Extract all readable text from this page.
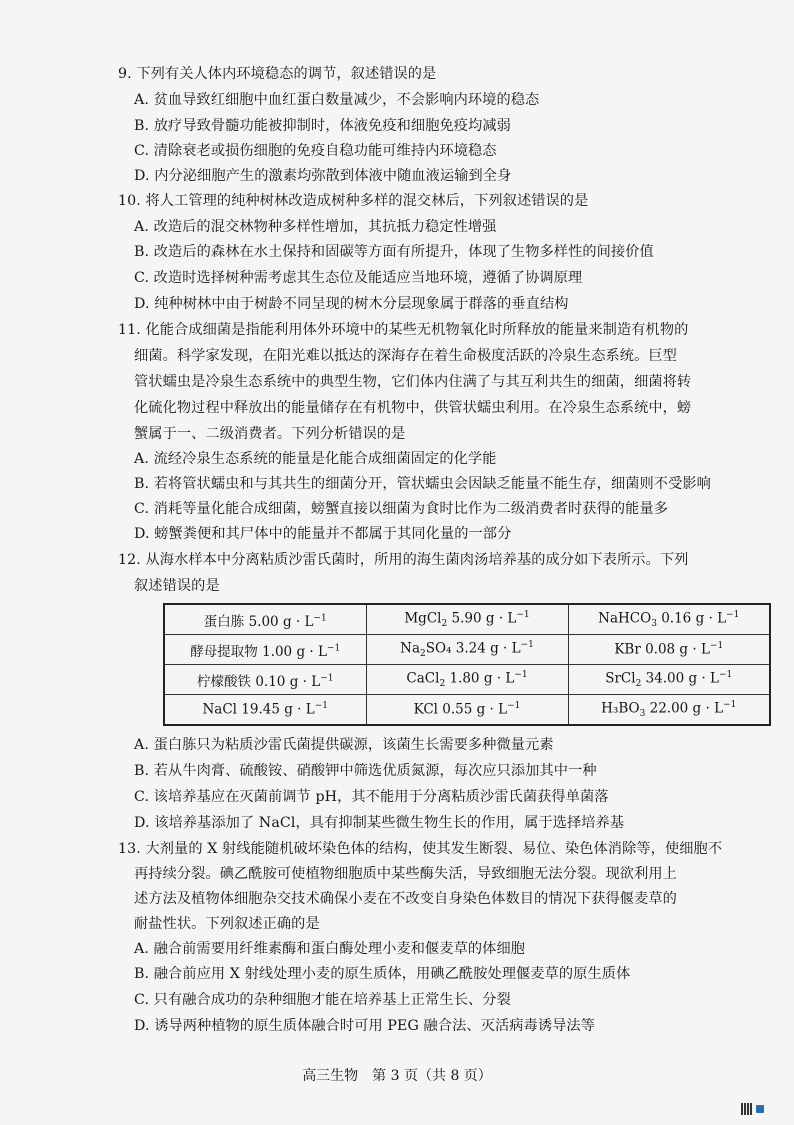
9. 下列有关人体内环境稳态的调节，叙述错误的是
A. 贫血导致红细胞中血红蛋白数量减少，不会影响内环境的稳态
B. 放疗导致骨髓功能被抑制时，体液免疫和细胞免疫均减弱
C. 清除衰老或损伤细胞的免疫自稳功能可维持内环境稳态
D. 内分泌细胞产生的激素均弥散到体液中随血液运输到全身
10. 将人工管理的纯种树林改造成树种多样的混交林后，下列叙述错误的是
A. 改造后的混交林物种多样性增加，其抗抵力稳定性增强
B. 改造后的森林在水土保持和固碳等方面有所提升，体现了生物多样性的间接价值
C. 改造时选择树种需考虑其生态位及能适应当地环境，遵循了协调原理
D. 纯种树林中由于树龄不同呈现的树木分层现象属于群落的垂直结构
11. 化能合成细菌是指能利用体外环境中的某些无机物氧化时所释放的能量来制造有机物的
细菌。科学家发现，在阳光难以抵达的深海存在着生命极度活跃的冷泉生态系统。巨型
管状蠕虫是冷泉生态系统中的典型生物，它们体内住满了与其互利共生的细菌，细菌将转
化硫化物过程中释放出的能量储存在有机物中，供管状蠕虫利用。在冷泉生态系统中，螃
蟹属于一、二级消费者。下列分析错误的是
A. 流经冷泉生态系统的能量是化能合成细菌固定的化学能
B. 若将管状蠕虫和与其共生的细菌分开，管状蠕虫会因缺乏能量不能生存，细菌则不受影响
C. 消耗等量化能合成细菌，螃蟹直接以细菌为食时比作为二级消费者时获得的能量多
D. 螃蟹粪便和其尸体中的能量并不都属于其同化量的一部分
12. 从海水样本中分离粘质沙雷氏菌时，所用的海生菌肉汤培养基的成分如下表所示。下列
叙述错误的是
蛋白胨 5.00 $g \cdot L^{-1}$	MgCl$_2$ 5.90 $g \cdot L^{-1}$	NaHCO$_3$ 0.16 $g \cdot L^{-1}$
酵母提取物 1.00 $g \cdot L^{-1}$	$Na_2SO_4$ 3.24 $g \cdot L^{-1}$	KBr 0.08 $g \cdot L^{-1}$
柠檬酸铁 0.10 $g \cdot L^{-1}$	CaCl$_2$ 1.80 $g \cdot L^{-1}$	SrCl$_2$ 34.00 $g \cdot L^{-1}$
NaCl 19.45 $g \cdot L^{-1}$	KCl 0.55 $g \cdot L^{-1}$	$H_3BO_3$ 22.00 $g \cdot L^{-1}$
A. 蛋白胨只为粘质沙雷氏菌提供碳源，该菌生长需要多种微量元素
B. 若从牛肉膏、硫酸铵、硝酸钾中筛选优质氮源，每次应只添加其中一种
C. 该培养基应在灭菌前调节 pH，其不能用于分离粘质沙雷氏菌获得单菌落
D. 该培养基添加了 NaCl，具有抑制某些微生物生长的作用，属于选择培养基
13. 大剂量的 X 射线能随机破坏染色体的结构，使其发生断裂、易位、染色体消除等，使细胞不
再持续分裂。碘乙酰胺可使植物细胞质中某些酶失活，导致细胞无法分裂。现欲利用上
述方法及植物体细胞杂交技术确保小麦在不改变自身染色体数目的情况下获得偃麦草的
耐盐性状。下列叙述正确的是
A. 融合前需要用纤维素酶和蛋白酶处理小麦和偃麦草的体细胞
B. 融合前应用 X 射线处理小麦的原生质体，用碘乙酰胺处理偃麦草的原生质体
C. 只有融合成功的杂种细胞才能在培养基上正常生长、分裂
D. 诱导两种植物的原生质体融合时可用 PEG 融合法、灭活病毒诱导法等
高三生物　第 3 页（共 8 页）
